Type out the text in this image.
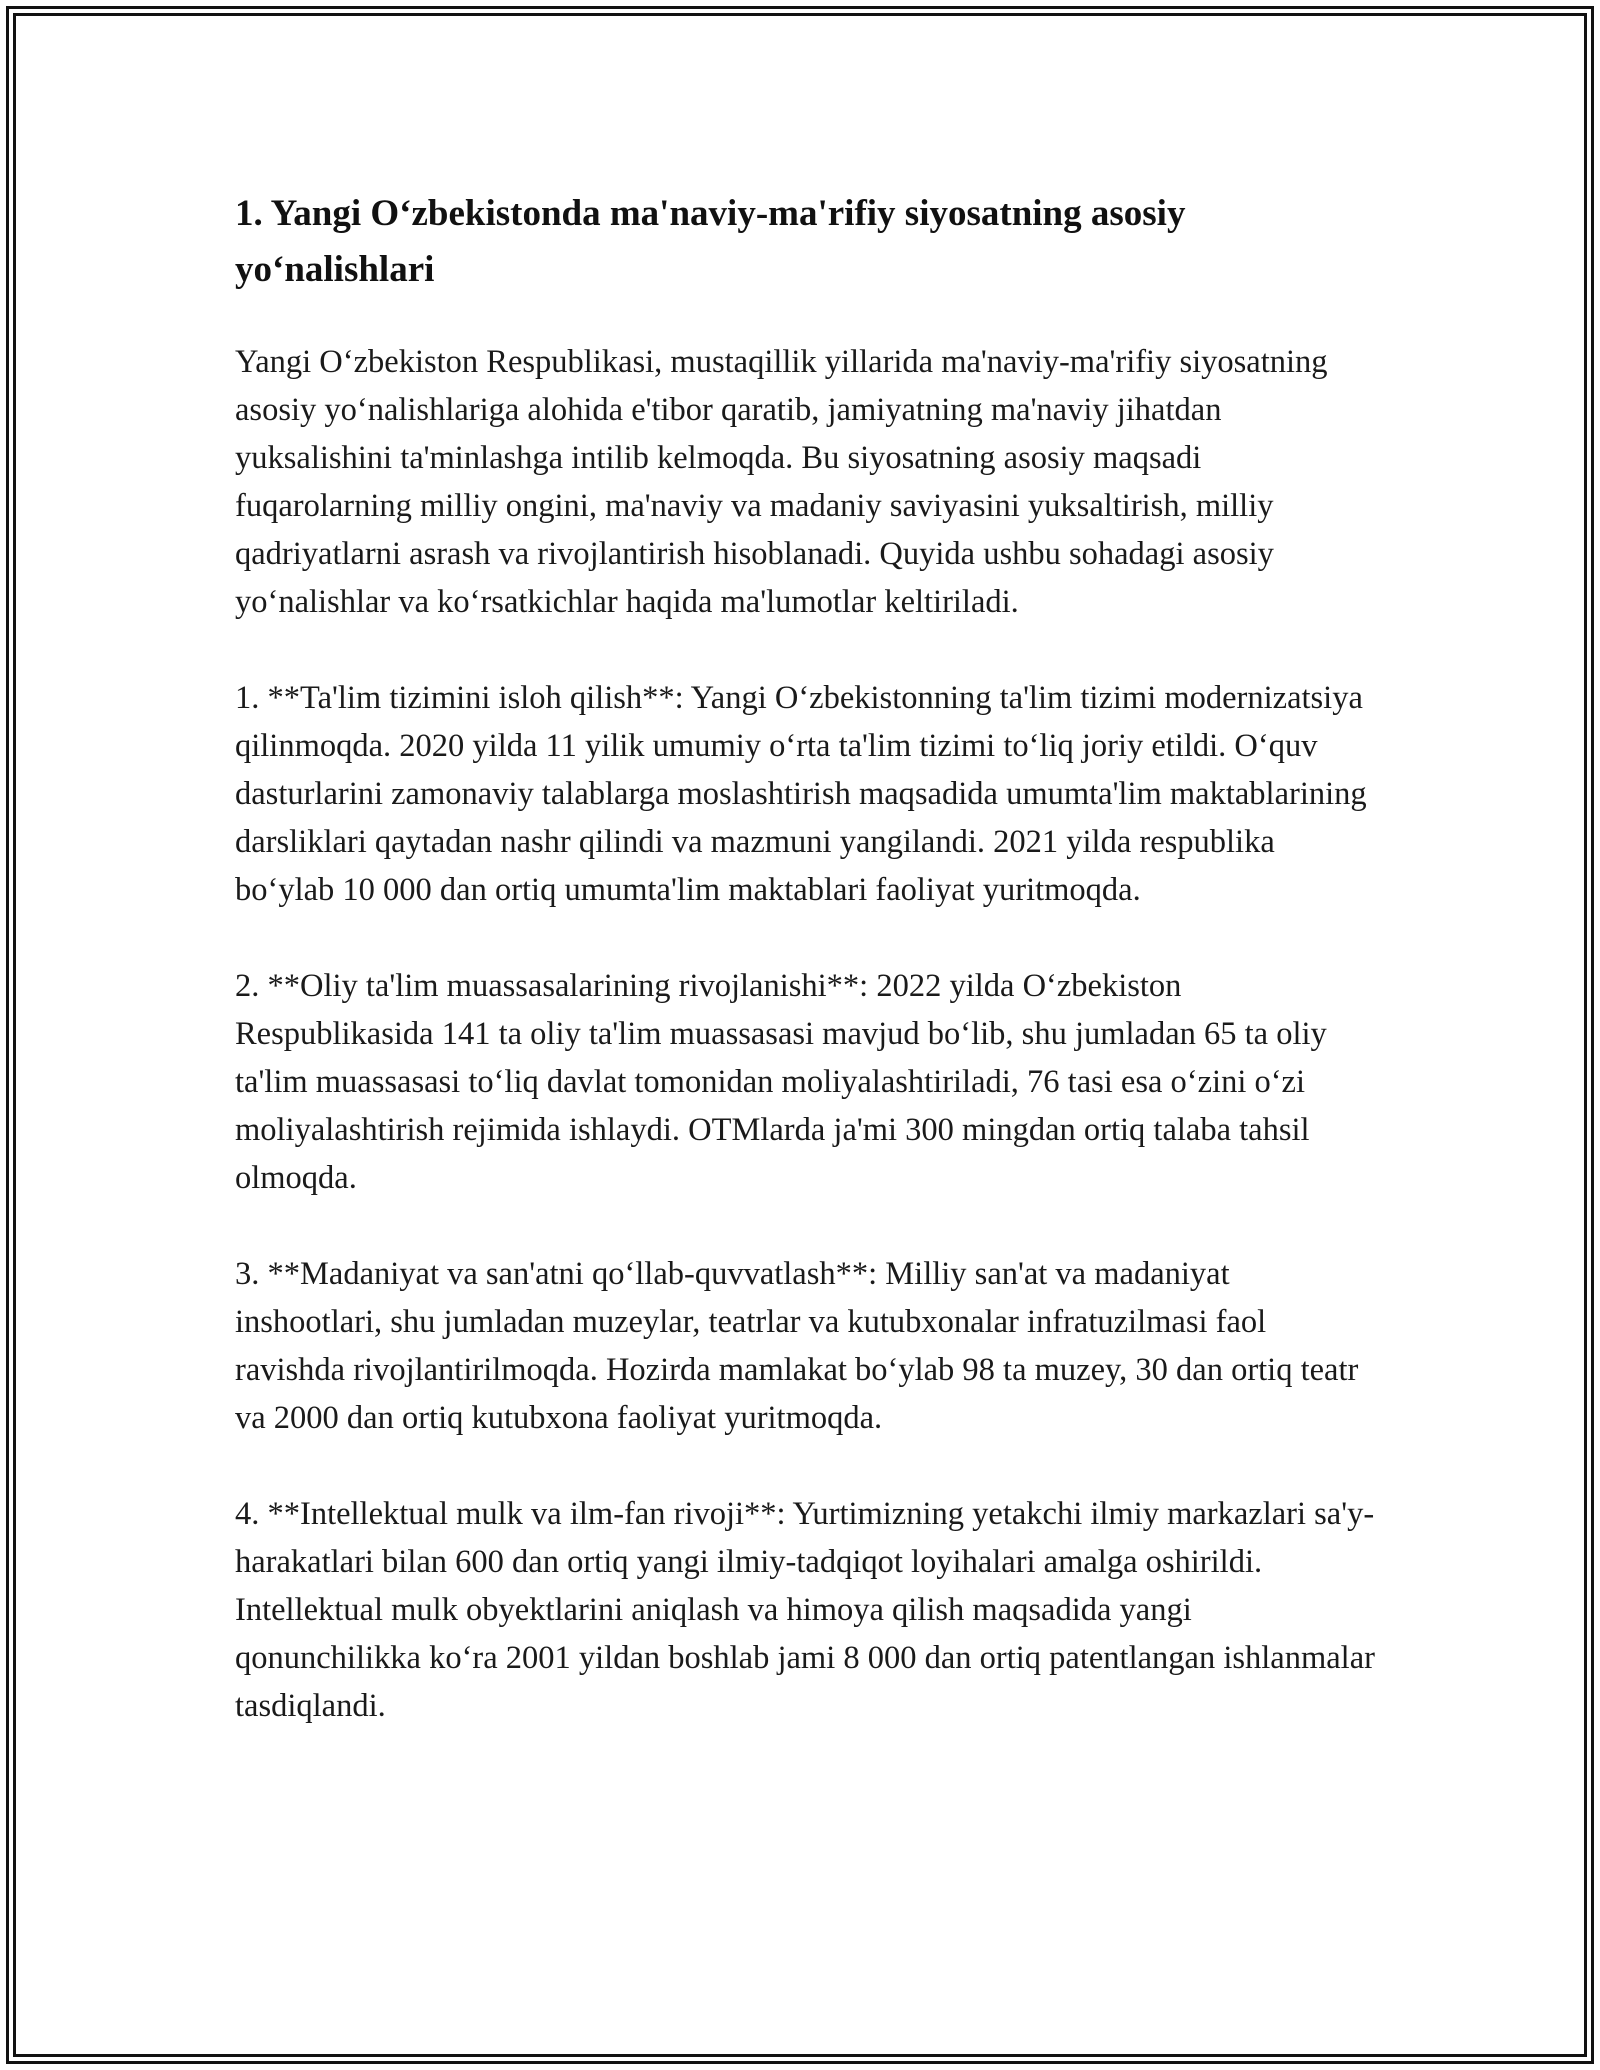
1. Yangi O‘zbekistonda ma'naviy-ma'rifiy siyosatning asosiy yo‘nalishlari

Yangi O‘zbekiston Respublikasi, mustaqillik yillarida ma'naviy-ma'rifiy siyosatning asosiy yo‘nalishlariga alohida e'tibor qaratib, jamiyatning ma'naviy jihatdan yuksalishini ta'minlashga intilib kelmoqda. Bu siyosatning asosiy maqsadi fuqarolarning milliy ongini, ma'naviy va madaniy saviyasini yuksaltirish, milliy qadriyatlarni asrash va rivojlantirish hisoblanadi. Quyida ushbu sohadagi asosiy yo‘nalishlar va ko‘rsatkichlar haqida ma'lumotlar keltiriladi.

1. **Ta'lim tizimini isloh qilish**: Yangi O‘zbekistonning ta'lim tizimi modernizatsiya qilinmoqda. 2020 yilda 11 yilik umumiy o‘rta ta'lim tizimi to‘liq joriy etildi. O‘quv dasturlarini zamonaviy talablarga moslashtirish maqsadida umumta'lim maktablarining darsliklari qaytadan nashr qilindi va mazmuni yangilandi. 2021 yilda respublika bo‘ylab 10 000 dan ortiq umumta'lim maktablari faoliyat yuritmoqda.

2. **Oliy ta'lim muassasalarining rivojlanishi**: 2022 yilda O‘zbekiston Respublikasida 141 ta oliy ta'lim muassasasi mavjud bo‘lib, shu jumladan 65 ta oliy ta'lim muassasasi to‘liq davlat tomonidan moliyalashtiriladi, 76 tasi esa o‘zini o‘zi moliyalashtirish rejimida ishlaydi. OTMlarda ja'mi 300 mingdan ortiq talaba tahsil olmoqda.

3. **Madaniyat va san'atni qo‘llab-quvvatlash**: Milliy san'at va madaniyat inshootlari, shu jumladan muzeylar, teatrlar va kutubxonalar infratuzilmasi faol ravishda rivojlantirilmoqda. Hozirda mamlakat bo‘ylab 98 ta muzey, 30 dan ortiq teatr va 2000 dan ortiq kutubxona faoliyat yuritmoqda.

4. **Intellektual mulk va ilm-fan rivoji**: Yurtimizning yetakchi ilmiy markazlari sa'y-harakatlari bilan 600 dan ortiq yangi ilmiy-tadqiqot loyihalari amalga oshirildi. Intellektual mulk obyektlarini aniqlash va himoya qilish maqsadida yangi qonunchilikka ko‘ra 2001 yildan boshlab jami 8 000 dan ortiq patentlangan ishlanmalar tasdiqlandi.
